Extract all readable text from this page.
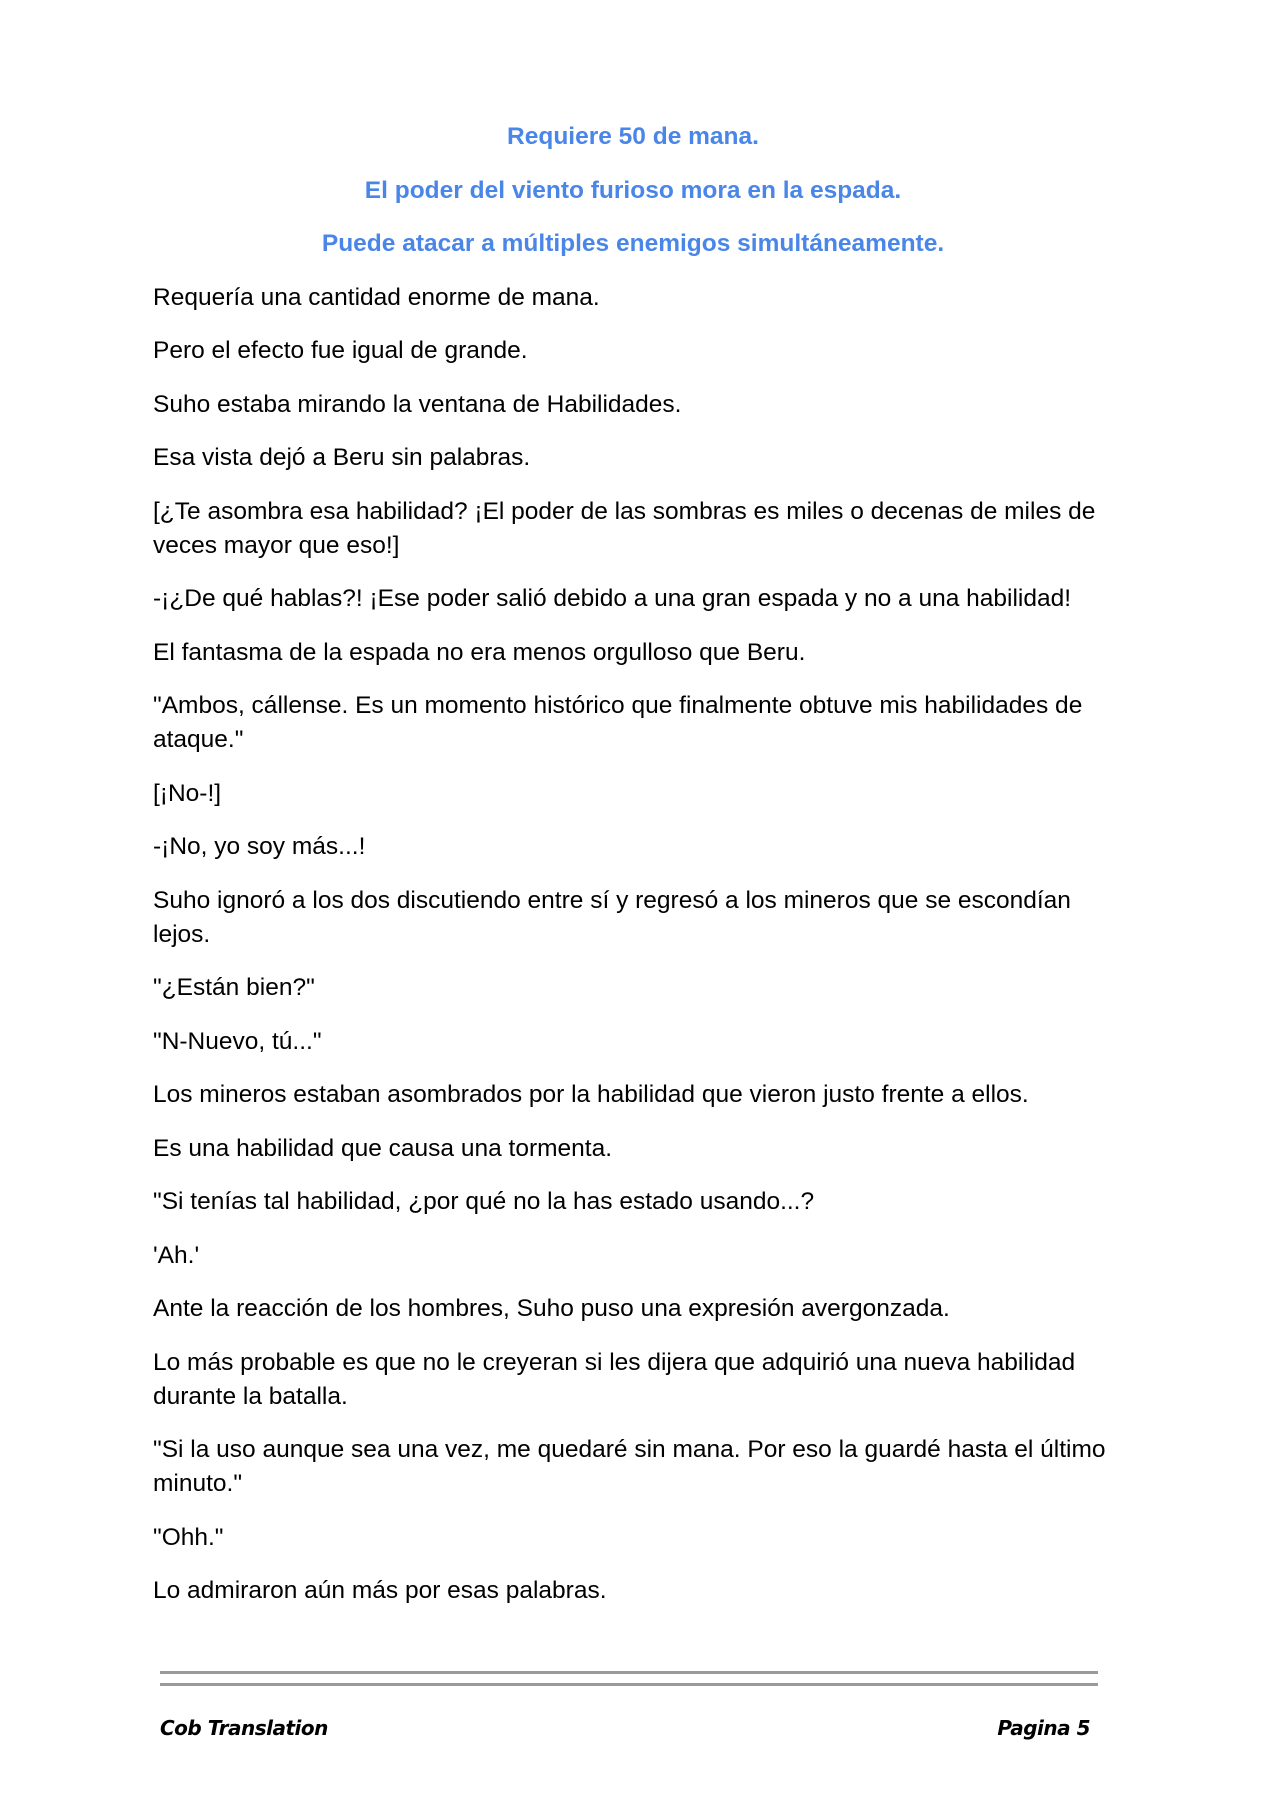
Requiere 50 de mana.

El poder del viento furioso mora en la espada.

Puede atacar a múltiples enemigos simultáneamente.

Requería una cantidad enorme de mana.

Pero el efecto fue igual de grande.

Suho estaba mirando la ventana de Habilidades.

Esa vista dejó a Beru sin palabras.

[¿Te asombra esa habilidad? ¡El poder de las sombras es miles o decenas de miles de veces mayor que eso!]

-¡¿De qué hablas?! ¡Ese poder salió debido a una gran espada y no a una habilidad!

El fantasma de la espada no era menos orgulloso que Beru.

"Ambos, cállense. Es un momento histórico que finalmente obtuve mis habilidades de ataque."

[¡No-!]

-¡No, yo soy más...!

Suho ignoró a los dos discutiendo entre sí y regresó a los mineros que se escondían lejos.

"¿Están bien?"

"N-Nuevo, tú..."

Los mineros estaban asombrados por la habilidad que vieron justo frente a ellos.

Es una habilidad que causa una tormenta.

"Si tenías tal habilidad, ¿por qué no la has estado usando...?

'Ah.'

Ante la reacción de los hombres, Suho puso una expresión avergonzada.

Lo más probable es que no le creyeran si les dijera que adquirió una nueva habilidad durante la batalla.

"Si la uso aunque sea una vez, me quedaré sin mana. Por eso la guardé hasta el último minuto."

"Ohh."

Lo admiraron aún más por esas palabras.

Cob Translation	Pagina 5
